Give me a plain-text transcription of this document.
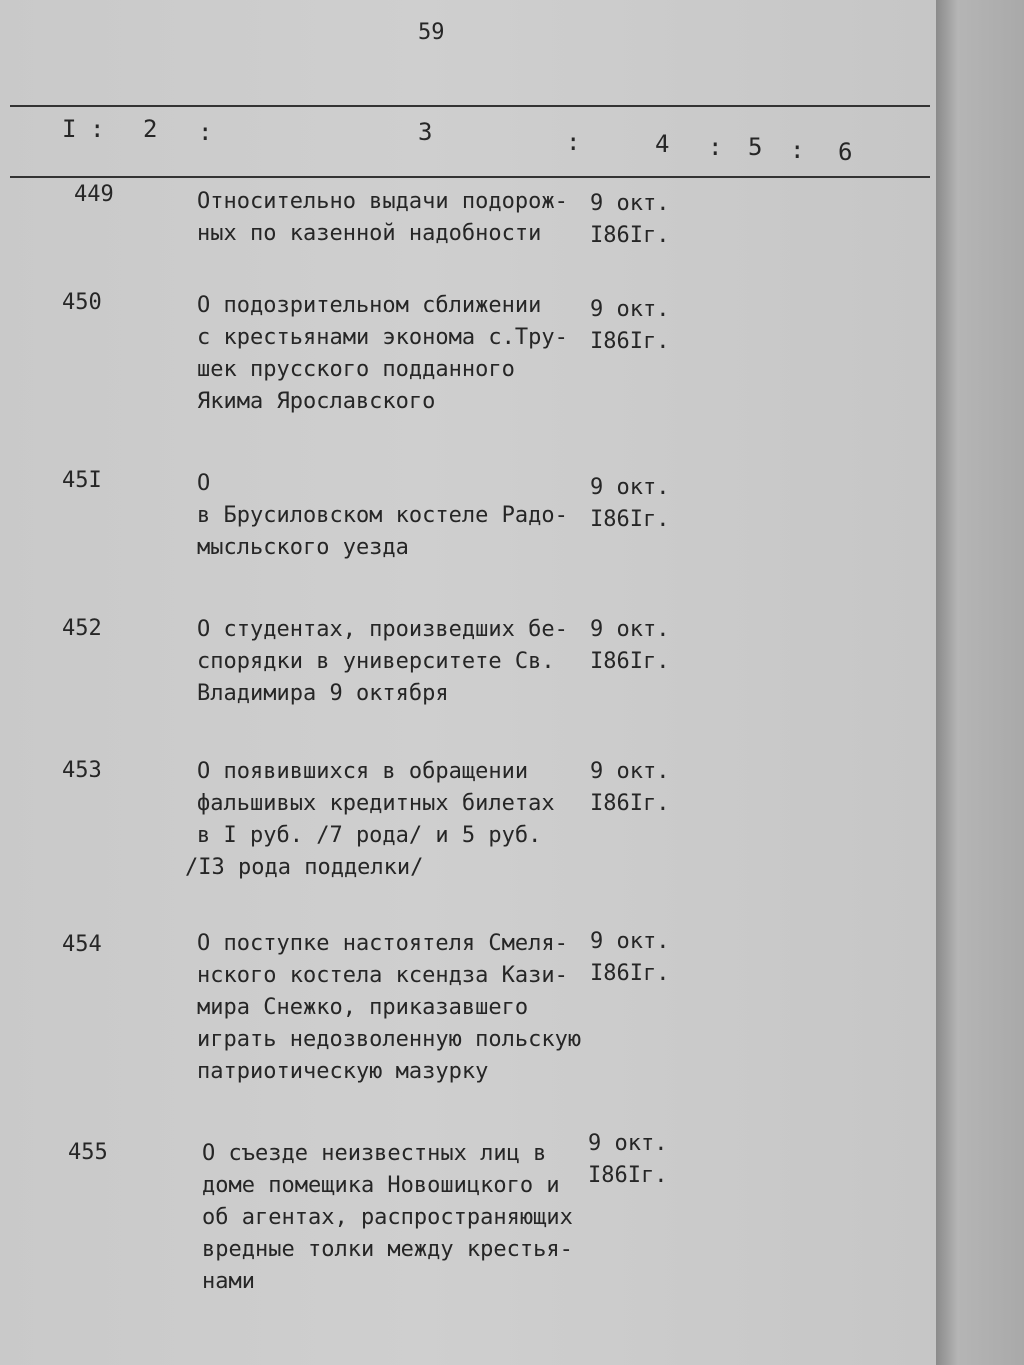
59
I : 2 :	3	:	4 : 5 : 6
449	Относительно выдачи подорож-
ных по казенной надобности
9 окт.
I86Iг.
450	О подозрительном сближении
с крестьянами эконома с.Тру-
шек прусского подданного
Якима Ярославского
9 окт.
I86Iг.
45I	О
в Брусиловском костеле Радо-
мысльского уезда
9 окт.
I86Iг.
452	О студентах, произведших бе-
спорядки в университете Св.
Владимира 9 октября
9 окт.
I86Iг.
453	О появившихся в обращении
фальшивых кредитных билетах
в I руб. /7 рода/ и 5 руб.
/I3 рода подделки/
9 окт.
I86Iг.
454	О поступке настоятеля Смеля-
нского костела ксендза Кази-
мира Снежко, приказавшего
играть недозволенную польскую
патриотическую мазурку
9 окт.
I86Iг.
455	О съезде неизвестных лиц в
доме помещика Новошицкого и
об агентах, распространяющих
вредные толки между крестья-
нами
9 окт.
I86Iг.
